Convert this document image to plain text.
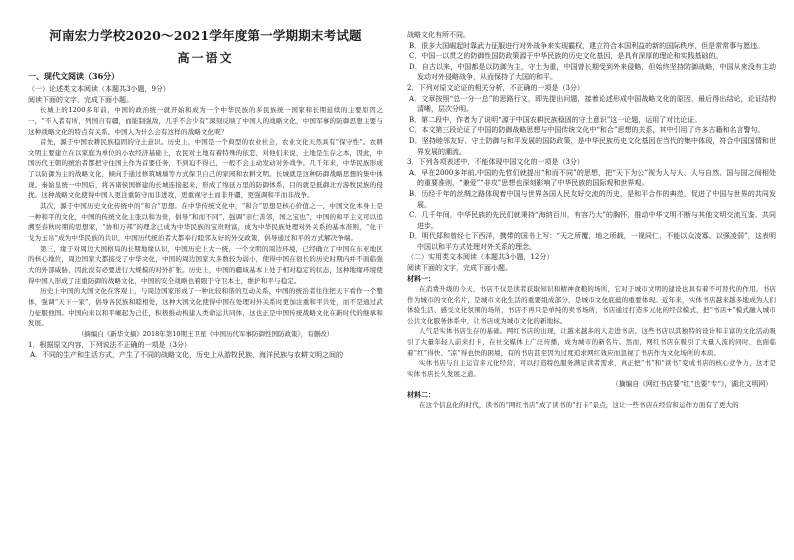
河南宏力学校2020～2021学年度第一学期期末考试题
高一语文
一、现代文阅读（36分）
（一）论述类文本阅读（本题共3小题，9分）
阅读下面的文字，完成下面小题。

长城上的1200多年前，中国的政治统一就开始和成为一个中华民族的多民族统一国家和长期延续的主要原因之一，“不入者有所，列国自有疆，而能制强敌，几乎不会少有”深刻反映了中国人的战略文化，中国军事的防御思想主要与这种战略文化的特点有关系。中国人为什么会有这样的战略文化呢？

首先，源于中国农耕民族稳固的守土意识。历史上，中国是一个典型的农业社会，农业文化天然具有“保守性”。农耕文明主要建立在以家庭为单位的小农经济基础上，农民对土地有着特殊的依恋，对他们来说，土地是生存之本，因此，中国历代王朝的统治者都把守住国土作为首要任务，不到迫不得已，一般不会主动发动对外战争。几千年来，中华民族形成了以防御为主的战略文化，倾向于通过修筑城墙等方式保卫自己的家园和农耕文明。长城就是这种防御战略思想的集中体现。秦始皇统一中国后，将各诸侯国修建的长城连接起来，形成了绵延万里的防御体系，目的就是抵御北方游牧民族的侵扰。这种战略文化使得中国人更注重防守而非进攻，更重视守土而非开疆，更强调和平而非战争。

其次，源于中国历史文化传统中的“和合”思想。在中华传统文化中，“和合”思想是核心价值之一，中国文化本身上是一种和平的文化，中国的传统文化主张以和为贵，倡导“和而不同”，强调“亲仁善邻，国之宝也”，中国的和平主义可以追溯至春秋时期的思想家，“协和万邦”的理念已成为中华民族的宝贵财富，成为中华民族处理对外关系的基本准则，“化干戈为玉帛”成为中华民族的共识，中国历代统治者大都奉行睦邻友好的外交政策，倡导通过和平的方式解决争端。

第三，缘于对周边大国格局的长期地缘认识，中国历史上大一统，一个文明的周边环境，已经确立了中国在东亚地区的核心地位，周边国家大都接受了中华文化，中国的周边国家大多数较为弱小，使得中国在很长的历史时期内并不面临强大的外部威胁，因此没有必要进行大规模的对外扩张。历史上，中国的疆域基本上处于相对稳定的状态，这种地缘环境使得中国人形成了注重防御的战略文化，中国的安全战略也着眼于守卫本土，维护和平与稳定。

历史上中国的大国文化在客观上，与周边国家形成了一种比较和谐的互动关系，中国的统治者往往把天下看作一个整体，强调“天下一家”，倡导各民族和睦相处，这种大国文化使得中国在处理对外关系时更加注重和平共处，而不是通过武力征服他国。中国向来以和平崛起为己任，积极推动构建人类命运共同体，这也正是中国传统战略文化在新时代的继承和发展。

（摘编自《新华文摘》2018年第10期王卫星《中国历代军事防御性国防政策》，有删改）

1．根据原文内容，下列说法不正确的一项是（3分）

A．不同的生产和生活方式，产生了不同的战略文化，历史上从游牧民族、海洋民族与农耕文明之间的

战略文化有所不同。

B．很多大国崛起时靠武力征服进行对外战争来实现霸权，建立符合本国利益的新的国际秩序，但是常常事与愿违。

C．中国一以贯之的防御性国防政策源于中华民族的历史文化基因，是具有深厚的理论和实践基础的。

D．自古以来，中国都是以防御为主，守土为重，中国曾长期受到外来侵略，但始终坚持防御战略，中国从来没有主动发动对外侵略战争，从而保持了大国的和平。

2．下列对原文论证的相关分析，不正确的一项是（3分）

A．文章按照“总一分一总”的思路行文，即先提出问题，接着论述形成中国战略文化的原因，最后得出结论，论证结构清晰，层次分明。

B．第二段中，作者为了说明“源于中国农耕民族稳固的守土意识”这一论题，运用了对比论证。

C．本文第三段论证了中国的防御战略思想与中国传统文化中“和合”思想的关系，其中引用了许多古籍和名言警句。

D．坚持睦邻友好、守土防御与和平发展的国防政策，是中华民族历史文化基因在当代的集中体现，符合中国国情和世界发展的潮流。

3．下列各项表述中，不能体现中国文化的一项是（3分）

A．早在2000多年前,中国的先哲们就提出“和而不同”的思想，把“天下为公”视为人与人、人与自然、国与国之间相处的重要准则，“兼爱”“非攻”思想也深刻影响了中华民族的国际观和世界观。

B．历经千年的丝绸之路体现着中国与世界各国人民友好交流的历史，是和平合作的典范，促进了中国与世界的共同发展。

C．几千年间，中华民族的先民们就秉持“海纳百川，有容乃大”的胸怀，推动中华文明不断与其他文明交流互鉴、共同进步。

D．明代郑和曾经七下西洋，携带的国书上写：“天之所覆，地之所载，一视同仁，不能以众凌寡、以强凌弱”，这表明中国以和平方式处理对外关系的理念。

（二）实用类文本阅读（本题共3小题，12分）

阅读下面的文字，完成下面小题。

材料一：

在消费升级的今天，书店不仅是读者获取知识和精神食粮的场所，它对于城市文明的建设也具有着不可替代的作用。书店作为城市的文化名片，是城市文化生活的重要组成部分，是城市文化底蕴的重要体现。近年来，实体书店越来越多地成为人们体验生活、感受文化氛围的场所，书店不再只是单纯的卖书场所，书店通过打造多元化的经营模式，把“书店+”模式融入城市公共文化服务体系中，让书店成为城市文化的新地标。

人气是实体书店生存的基础。网红书店的出现，让越来越多的人走进书店。这些书店以其独特的设计和丰富的文化活动吸引了大量年轻人前来打卡，在社交媒体上广泛传播，成为城市的新名片。然而，网红书店在吸引了大量人流的同时，也面临着“红”得快、“凉”得也快的困境，有的书店甚至因为过度追求网红效应而忽视了书店作为文化场所的本质。

实体书店与自主运营多元化经营，可以打造特色服务满足读者需求，真正把“书”和“读书”变成书店的核心竞争力，这才是实体书店长久发展之道。

（摘编自《网红书店要“红”也要“专”》，湖北文明网）

材料二：

在这个信息化的时代，读书的“网红书店”成了读书的“打卡”景点，这让一些书店在经营和运作方面有了更大的
